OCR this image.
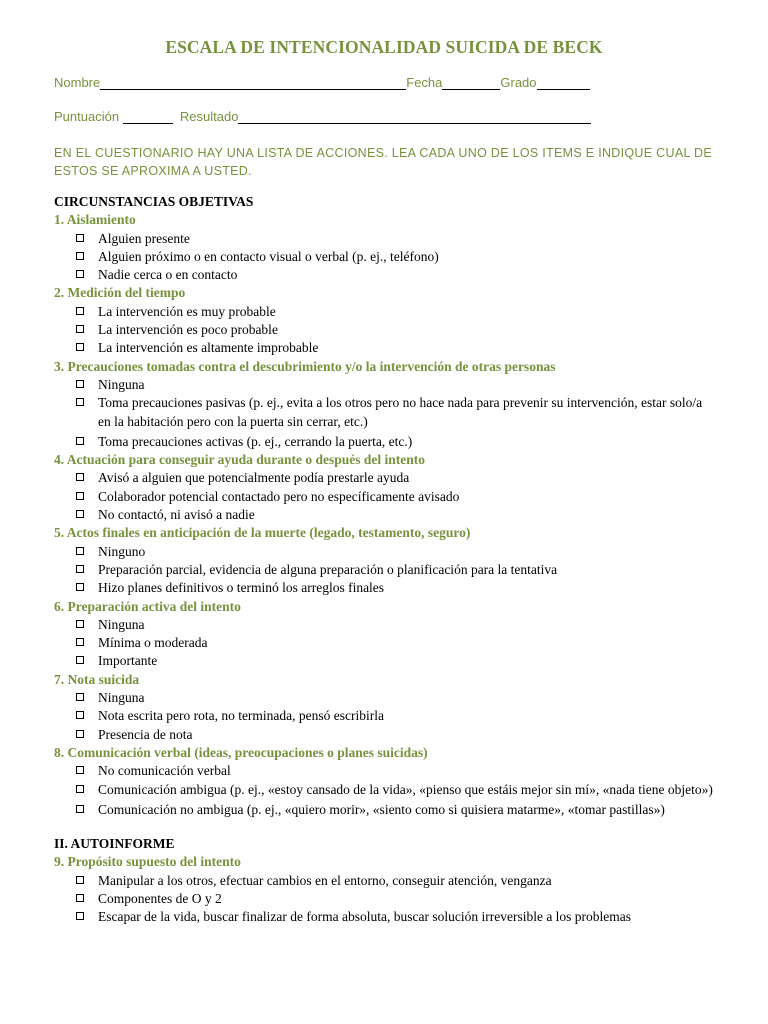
ESCALA DE INTENCIONALIDAD SUICIDA DE BECK
Nombre	Fecha	Grado
Puntuación	Resultado
EN EL CUESTIONARIO HAY UNA LISTA DE ACCIONES. LEA CADA UNO DE LOS ITEMS E INDIQUE CUAL DE ESTOS SE APROXIMA A USTED.
CIRCUNSTANCIAS OBJETIVAS
1. Aislamiento
Alguien presente
Alguien próximo o en contacto visual o verbal (p. ej., teléfono)
Nadie cerca o en contacto
2. Medición del tiempo
La intervención es muy probable
La intervención es poco probable
La intervención es altamente improbable
3. Precauciones tomadas contra el descubrimiento y/o la intervención de otras personas
Ninguna
Toma precauciones pasivas (p. ej., evita a los otros pero no hace nada para prevenir su intervención, estar solo/a en la habitación pero con la puerta sin cerrar, etc.)
Toma precauciones activas (p. ej., cerrando la puerta, etc.)
4. Actuación para conseguir ayuda durante o después del intento
Avisó a alguien que potencialmente podía prestarle ayuda
Colaborador potencial contactado pero no específicamente avisado
No contactó, ni avisó a nadie
5. Actos finales en anticipación de la muerte (legado, testamento, seguro)
Ninguno
Preparación parcial, evidencia de alguna preparación o planificación para la tentativa
Hizo planes definitivos o terminó los arreglos finales
6. Preparación activa del intento
Ninguna
Mínima o moderada
Importante
7. Nota suicida
Ninguna
Nota escrita pero rota, no terminada, pensó escribirla
Presencia de nota
8. Comunicación verbal (ideas, preocupaciones o planes suicidas)
No comunicación verbal
Comunicación ambigua (p. ej., «estoy cansado de la vida», «pienso que estáis mejor sin mí», «nada tiene objeto»)
Comunicación no ambigua (p. ej., «quiero morir», «siento como si quisiera matarme», «tomar pastillas»)
II. AUTOINFORME
9. Propósito supuesto del intento
Manipular a los otros, efectuar cambios en el entorno, conseguir atención, venganza
Componentes de O y 2
Escapar de la vida, buscar finalizar de forma absoluta, buscar solución irreversible a los problemas
